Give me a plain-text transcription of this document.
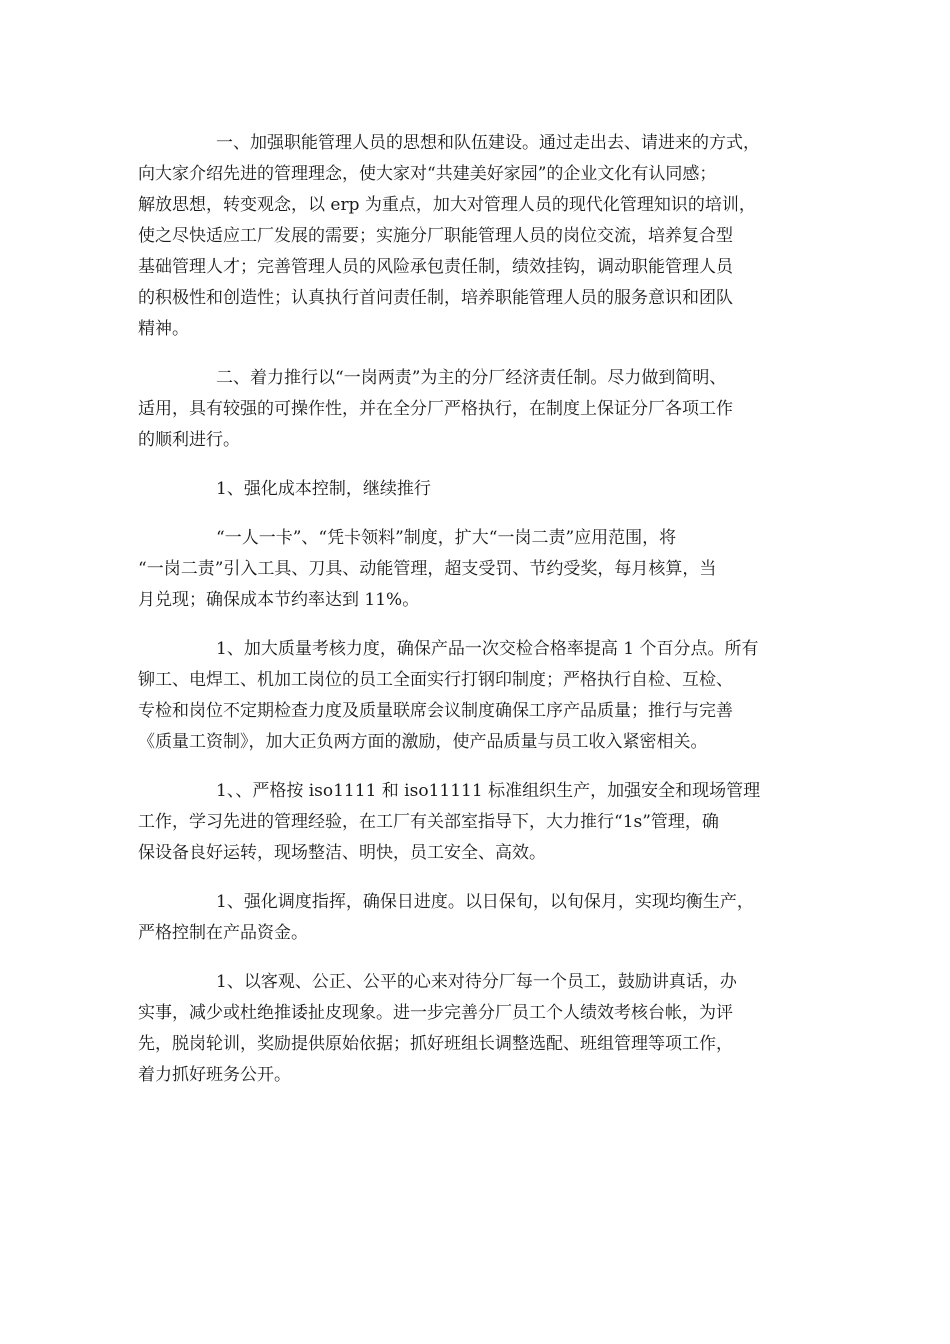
一、加强职能管理人员的思想和队伍建设。通过走出去、请进来的方式，
向大家介绍先进的管理理念，使大家对“共建美好家园”的企业文化有认同感；
解放思想，转变观念，以 erp 为重点，加大对管理人员的现代化管理知识的培训，
使之尽快适应工厂发展的需要；实施分厂职能管理人员的岗位交流，培养复合型
基础管理人才；完善管理人员的风险承包责任制，绩效挂钩，调动职能管理人员
的积极性和创造性；认真执行首问责任制，培养职能管理人员的服务意识和团队
精神。

二、着力推行以“一岗两责”为主的分厂经济责任制。尽力做到简明、
适用，具有较强的可操作性，并在全分厂严格执行，在制度上保证分厂各项工作
的顺利进行。

1、强化成本控制，继续推行

“一人一卡”、“凭卡领料”制度，扩大“一岗二责”应用范围，将
“一岗二责”引入工具、刀具、动能管理，超支受罚、节约受奖，每月核算，当
月兑现；确保成本节约率达到 11%。

1、加大质量考核力度，确保产品一次交检合格率提高 1 个百分点。所有
铆工、电焊工、机加工岗位的员工全面实行打钢印制度；严格执行自检、互检、
专检和岗位不定期检查力度及质量联席会议制度确保工序产品质量；推行与完善
《质量工资制》，加大正负两方面的激励，使产品质量与员工收入紧密相关。

1、、严格按 iso1111 和 iso11111 标准组织生产，加强安全和现场管理
工作，学习先进的管理经验，在工厂有关部室指导下，大力推行“1s”管理，确
保设备良好运转，现场整洁、明快，员工安全、高效。

1、强化调度指挥，确保日进度。以日保旬，以旬保月，实现均衡生产，
严格控制在产品资金。

1、以客观、公正、公平的心来对待分厂每一个员工，鼓励讲真话，办
实事，减少或杜绝推诿扯皮现象。进一步完善分厂员工个人绩效考核台帐，为评
先，脱岗轮训，奖励提供原始依据；抓好班组长调整选配、班组管理等项工作，
着力抓好班务公开。
